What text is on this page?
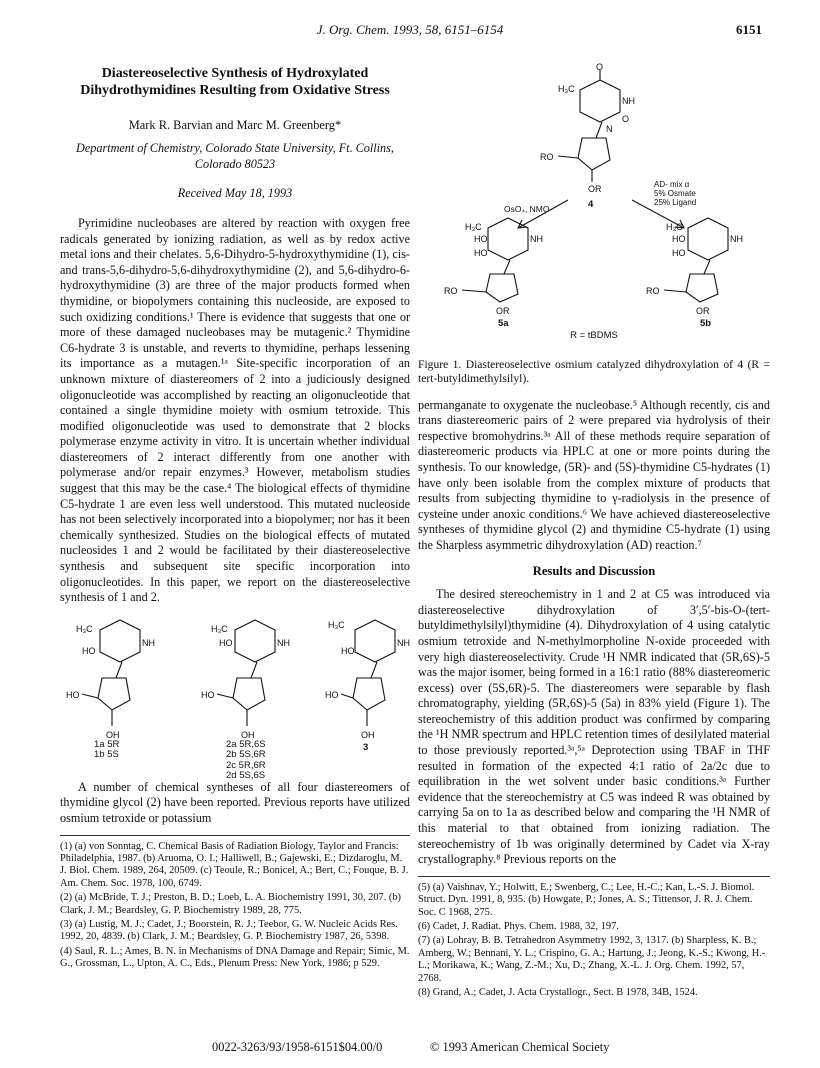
J. Org. Chem. 1993, 58, 6151–6154	6151
Diastereoselective Synthesis of Hydroxylated Dihydrothymidines Resulting from Oxidative Stress
Mark R. Barvian and Marc M. Greenberg*
Department of Chemistry, Colorado State University, Ft. Collins, Colorado 80523
Received May 18, 1993

Pyrimidine nucleobases are altered by reaction with oxygen free radicals generated by ionizing radiation, as well as by redox active metal ions and their chelates. 5,6-Dihydro-5-hydroxythymidine (1), cis- and trans-5,6-dihydro-5,6-dihydroxythymidine (2), and 5,6-dihydro-6-hydroxythymidine (3) are three of the major products formed when thymidine, or biopolymers containing this nucleoside, are exposed to such oxidizing conditions.¹ There is evidence that suggests that one or more of these damaged nucleobases may be mutagenic.² Thymidine C6-hydrate 3 is unstable, and reverts to thymidine, perhaps lessening its importance as a mutagen.¹ᵃ Site-specific incorporation of an unknown mixture of diastereomers of 2 into a judiciously designed oligonucleotide was accomplished by reacting an oligonucleotide that contained a single thymidine moiety with osmium tetroxide. This modified oligonucleotide was used to demonstrate that 2 blocks polymerase enzyme activity in vitro. It is uncertain whether individual diastereomers of 2 interact differently from one another with polymerase and/or repair enzymes.³ However, metabolism studies suggest that this may be the case.⁴ The biological effects of thymidine C5-hydrate 1 are even less well understood. This mutated nucleoside has not been selectively incorporated into a biopolymer; nor has it been chemically synthesized. Studies on the biological effects of mutated nucleosides 1 and 2 would be facilitated by their diastereoselective synthesis and subsequent site specific incorporation into oligonucleotides. In this paper, we report on the diastereoselective synthesis of 1 and 2.

H₃C
NH
HO
HO
OH
H₃C
NH
HO
HO
OH
H₃C
NH
HO
HO
OH
1a 5R
1b 5S
2a 5R,6S
2b 5S,6R
2c 5R,6R
2d 5S,6S
3

A number of chemical syntheses of all four diastereomers of thymidine glycol (2) have been reported. Previous reports have utilized osmium tetroxide or potassium

(1) (a) von Sonntag, C. Chemical Basis of Radiation Biology, Taylor and Francis: Philadelphia, 1987. (b) Aruoma, O. I.; Halliwell, B.; Gajewski, E.; Dizdaroglu, M. J. Biol. Chem. 1989, 264, 20509. (c) Teoule, R.; Bonicel, A.; Bert, C.; Fouque, B. J. Am. Chem. Soc. 1978, 100, 6749.
(2) (a) McBride, T. J.; Preston, B. D.; Loeb, L. A. Biochemistry 1991, 30, 207. (b) Clark, J. M.; Beardsley, G. P. Biochemistry 1989, 28, 775.
(3) (a) Lustig, M. J.; Cadet, J.; Boorstein, R. J.; Teebor, G. W. Nucleic Acids Res. 1992, 20, 4839. (b) Clark, J. M.; Beardsley, G. P. Biochemistry 1987, 26, 5398.
(4) Saul, R. L.; Ames, B. N. in Mechanisms of DNA Damage and Repair; Simic, M. G., Grossman, L., Upton, A. C., Eds., Plenum Press: New York, 1986; p 529.
H₃C
O
NH
N
O
RO
OR
H₃C
HO
HO
NH
RO
OR
H₃C
HO
HO
NH
RO
OR
4
OsO₄, NMO
AD- mix α
5% Osmate
25% Ligand
5a	5b
R = tBDMS
Figure 1. Diastereoselective osmium catalyzed dihydroxylation of 4 (R = tert-butyldimethylsilyl).

permanganate to oxygenate the nucleobase.⁵ Although recently, cis and trans diastereomeric pairs of 2 were prepared via hydrolysis of their respective bromohydrins.³ᵃ All of these methods require separation of diastereomeric products via HPLC at one or more points during the synthesis. To our knowledge, (5R)- and (5S)-thymidine C5-hydrates (1) have only been isolable from the complex mixture of products that results from subjecting thymidine to γ-radiolysis in the presence of cysteine under anoxic conditions.⁶ We have achieved diastereoselective syntheses of thymidine glycol (2) and thymidine C5-hydrate (1) using the Sharpless asymmetric dihydroxylation (AD) reaction.⁷

Results and Discussion

The desired stereochemistry in 1 and 2 at C5 was introduced via diastereoselective dihydroxylation of 3′,5′-bis-O-(tert-butyldimethylsilyl)thymidine (4). Dihydroxylation of 4 using catalytic osmium tetroxide and N-methylmorpholine N-oxide proceeded with very high diastereoselectivity. Crude ¹H NMR indicated that (5R,6S)-5 was the major isomer, being formed in a 16:1 ratio (88% diastereomeric excess) over (5S,6R)-5. The diastereomers were separable by flash chromatography, yielding (5R,6S)-5 (5a) in 83% yield (Figure 1). The stereochemistry of this addition product was confirmed by comparing the ¹H NMR spectrum and HPLC retention times of desilylated material to those previously reported.³ᵃ,⁵ᵃ Deprotection using TBAF in THF resulted in formation of the expected 4:1 ratio of 2a/2c due to equilibration in the wet solvent under basic conditions.³ᵃ Further evidence that the stereochemistry at C5 was indeed R was obtained by carrying 5a on to 1a as described below and comparing the ¹H NMR of this material to that obtained from ionizing radiation. The stereochemistry of 1b was originally determined by Cadet via X-ray crystallography.⁸ Previous reports on the

(5) (a) Vaishnav, Y.; Holwitt, E.; Swenberg, C.; Lee, H.-C.; Kan, L.-S. J. Biomol. Struct. Dyn. 1991, 8, 935. (b) Howgate, P.; Jones, A. S.; Tittensor, J. R. J. Chem. Soc. C 1968, 275.
(6) Cadet, J. Radiat. Phys. Chem. 1988, 32, 197.
(7) (a) Lohray, B. B. Tetrahedron Asymmetry 1992, 3, 1317. (b) Sharpless, K. B.; Amberg, W.; Bennani, Y. L.; Crispino, G. A.; Hartung, J.; Jeong, K.-S.; Kwong, H.-L.; Morikawa, K.; Wang, Z.-M.; Xu, D.; Zhang, X.-L. J. Org. Chem. 1992, 57, 2768.
(8) Grand, A.; Cadet, J. Acta Crystallogr., Sect. B 1978, 34B, 1524.
0022-3263/93/1958-6151$04.00/0	© 1993 American Chemical Society
